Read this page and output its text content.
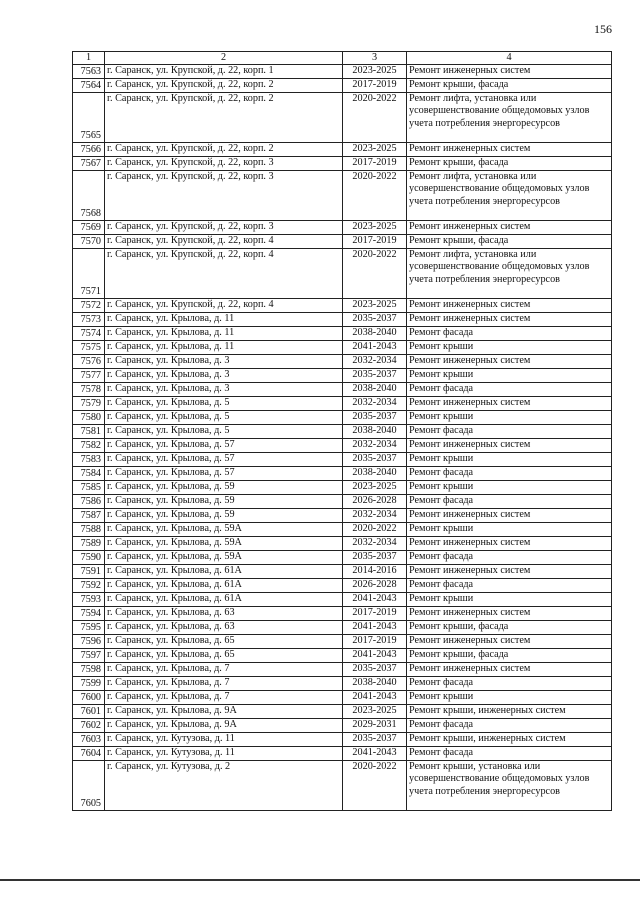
156
1	2	3	4
7563	г. Саранск, ул. Крупской, д. 22, корп. 1	2023-2025	Ремонт инженерных систем
7564	г. Саранск, ул. Крупской, д. 22, корп. 2	2017-2019	Ремонт крыши, фасада
7565	г. Саранск, ул. Крупской, д. 22, корп. 2	2020-2022	Ремонт лифта, установка или усовершенствование общедомовых узлов учета потребления энергоресурсов
7566	г. Саранск, ул. Крупской, д. 22, корп. 2	2023-2025	Ремонт инженерных систем
7567	г. Саранск, ул. Крупской, д. 22, корп. 3	2017-2019	Ремонт крыши, фасада
7568	г. Саранск, ул. Крупской, д. 22, корп. 3	2020-2022	Ремонт лифта, установка или усовершенствование общедомовых узлов учета потребления энергоресурсов
7569	г. Саранск, ул. Крупской, д. 22, корп. 3	2023-2025	Ремонт инженерных систем
7570	г. Саранск, ул. Крупской, д. 22, корп. 4	2017-2019	Ремонт крыши, фасада
7571	г. Саранск, ул. Крупской, д. 22, корп. 4	2020-2022	Ремонт лифта, установка или усовершенствование общедомовых узлов учета потребления энергоресурсов
7572	г. Саранск, ул. Крупской, д. 22, корп. 4	2023-2025	Ремонт инженерных систем
7573	г. Саранск, ул. Крылова, д. 11	2035-2037	Ремонт инженерных систем
7574	г. Саранск, ул. Крылова, д. 11	2038-2040	Ремонт фасада
7575	г. Саранск, ул. Крылова, д. 11	2041-2043	Ремонт крыши
7576	г. Саранск, ул. Крылова, д. 3	2032-2034	Ремонт инженерных систем
7577	г. Саранск, ул. Крылова, д. 3	2035-2037	Ремонт крыши
7578	г. Саранск, ул. Крылова, д. 3	2038-2040	Ремонт фасада
7579	г. Саранск, ул. Крылова, д. 5	2032-2034	Ремонт инженерных систем
7580	г. Саранск, ул. Крылова, д. 5	2035-2037	Ремонт крыши
7581	г. Саранск, ул. Крылова, д. 5	2038-2040	Ремонт фасада
7582	г. Саранск, ул. Крылова, д. 57	2032-2034	Ремонт инженерных систем
7583	г. Саранск, ул. Крылова, д. 57	2035-2037	Ремонт крыши
7584	г. Саранск, ул. Крылова, д. 57	2038-2040	Ремонт фасада
7585	г. Саранск, ул. Крылова, д. 59	2023-2025	Ремонт крыши
7586	г. Саранск, ул. Крылова, д. 59	2026-2028	Ремонт фасада
7587	г. Саранск, ул. Крылова, д. 59	2032-2034	Ремонт инженерных систем
7588	г. Саранск, ул. Крылова, д. 59А	2020-2022	Ремонт крыши
7589	г. Саранск, ул. Крылова, д. 59А	2032-2034	Ремонт инженерных систем
7590	г. Саранск, ул. Крылова, д. 59А	2035-2037	Ремонт фасада
7591	г. Саранск, ул. Крылова, д. 61А	2014-2016	Ремонт инженерных систем
7592	г. Саранск, ул. Крылова, д. 61А	2026-2028	Ремонт фасада
7593	г. Саранск, ул. Крылова, д. 61А	2041-2043	Ремонт крыши
7594	г. Саранск, ул. Крылова, д. 63	2017-2019	Ремонт инженерных систем
7595	г. Саранск, ул. Крылова, д. 63	2041-2043	Ремонт крыши, фасада
7596	г. Саранск, ул. Крылова, д. 65	2017-2019	Ремонт инженерных систем
7597	г. Саранск, ул. Крылова, д. 65	2041-2043	Ремонт крыши, фасада
7598	г. Саранск, ул. Крылова, д. 7	2035-2037	Ремонт инженерных систем
7599	г. Саранск, ул. Крылова, д. 7	2038-2040	Ремонт фасада
7600	г. Саранск, ул. Крылова, д. 7	2041-2043	Ремонт крыши
7601	г. Саранск, ул. Крылова, д. 9А	2023-2025	Ремонт крыши, инженерных систем
7602	г. Саранск, ул. Крылова, д. 9А	2029-2031	Ремонт фасада
7603	г. Саранск, ул. Кутузова, д. 11	2035-2037	Ремонт крыши, инженерных систем
7604	г. Саранск, ул. Кутузова, д. 11	2041-2043	Ремонт фасада
7605	г. Саранск, ул. Кутузова, д. 2	2020-2022	Ремонт крыши, установка или усовершенствование общедомовых узлов учета потребления энергоресурсов
